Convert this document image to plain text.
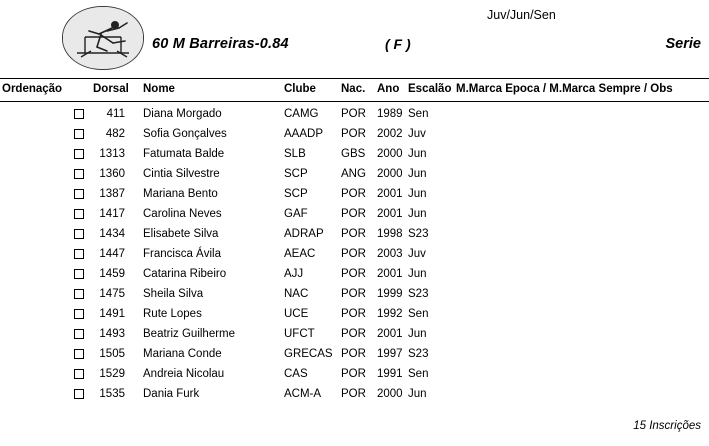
Juv/Jun/Sen
60 M Barreiras-0.84	( F )	Serie
Ordenação	Dorsal Nome	Clube Nac. Ano Escalão M.Marca Epoca / M.Marca Sempre / Obs
411 Diana Morgado	CAMG POR 1989 Sen
482 Sofia Gonçalves	AAADP POR 2002 Juv
1313 Fatumata Balde	SLB	GBS 2000 Jun
1360 Cintia Silvestre	SCP	ANG 2000 Jun
1387 Mariana Bento	SCP	POR 2001 Jun
1417 Carolina Neves	GAF	POR 2001 Jun
1434 Elisabete Silva	ADRAP POR 1998 S23
1447 Francisca Ávila	AEAC POR 2003 Juv
1459 Catarina Ribeiro	AJJ	POR 2001 Jun
1475 Sheila Silva	NAC	POR 1999 S23
1491 Rute Lopes	UCE	POR 1992 Sen
1493 Beatriz Guilherme	UFCT POR 2001 Jun
1505 Mariana Conde	GRECAS POR 1997 S23
1529 Andreia Nicolau	CAS	POR 1991 Sen
1535 Dania Furk	ACM-A POR 2000 Jun
15 Inscrições
